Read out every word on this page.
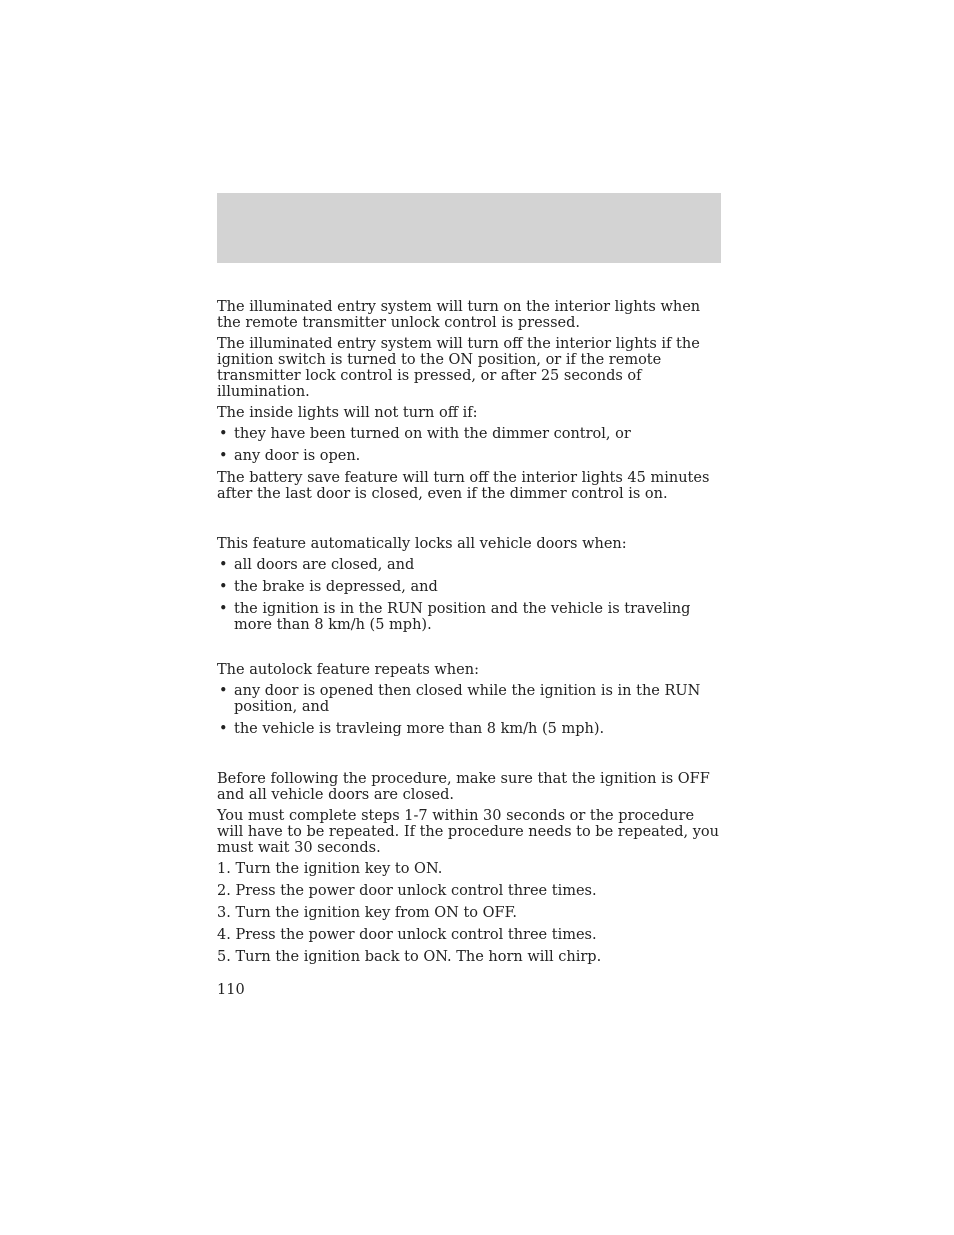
The illuminated entry system will turn on the interior lights when the remote transmitter unlock control is pressed.

The illuminated entry system will turn off the interior lights if the ignition switch is turned to the ON position, or if the remote transmitter lock control is pressed, or after 25 seconds of illumination.

The inside lights will not turn off if:

• they have been turned on with the dimmer control, or
• any door is open.

The battery save feature will turn off the interior lights 45 minutes after the last door is closed, even if the dimmer control is on.

This feature automatically locks all vehicle doors when:

• all doors are closed, and
• the brake is depressed, and
• the ignition is in the RUN position and the vehicle is traveling more than 8 km/h (5 mph).

The autolock feature repeats when:

• any door is opened then closed while the ignition is in the RUN position, and
• the vehicle is travleing more than 8 km/h (5 mph).

Before following the procedure, make sure that the ignition is OFF and all vehicle doors are closed.

You must complete steps 1-7 within 30 seconds or the procedure will have to be repeated. If the procedure needs to be repeated, you must wait 30 seconds.

1. Turn the ignition key to ON.
2. Press the power door unlock control three times.
3. Turn the ignition key from ON to OFF.
4. Press the power door unlock control three times.
5. Turn the ignition back to ON. The horn will chirp.
110
